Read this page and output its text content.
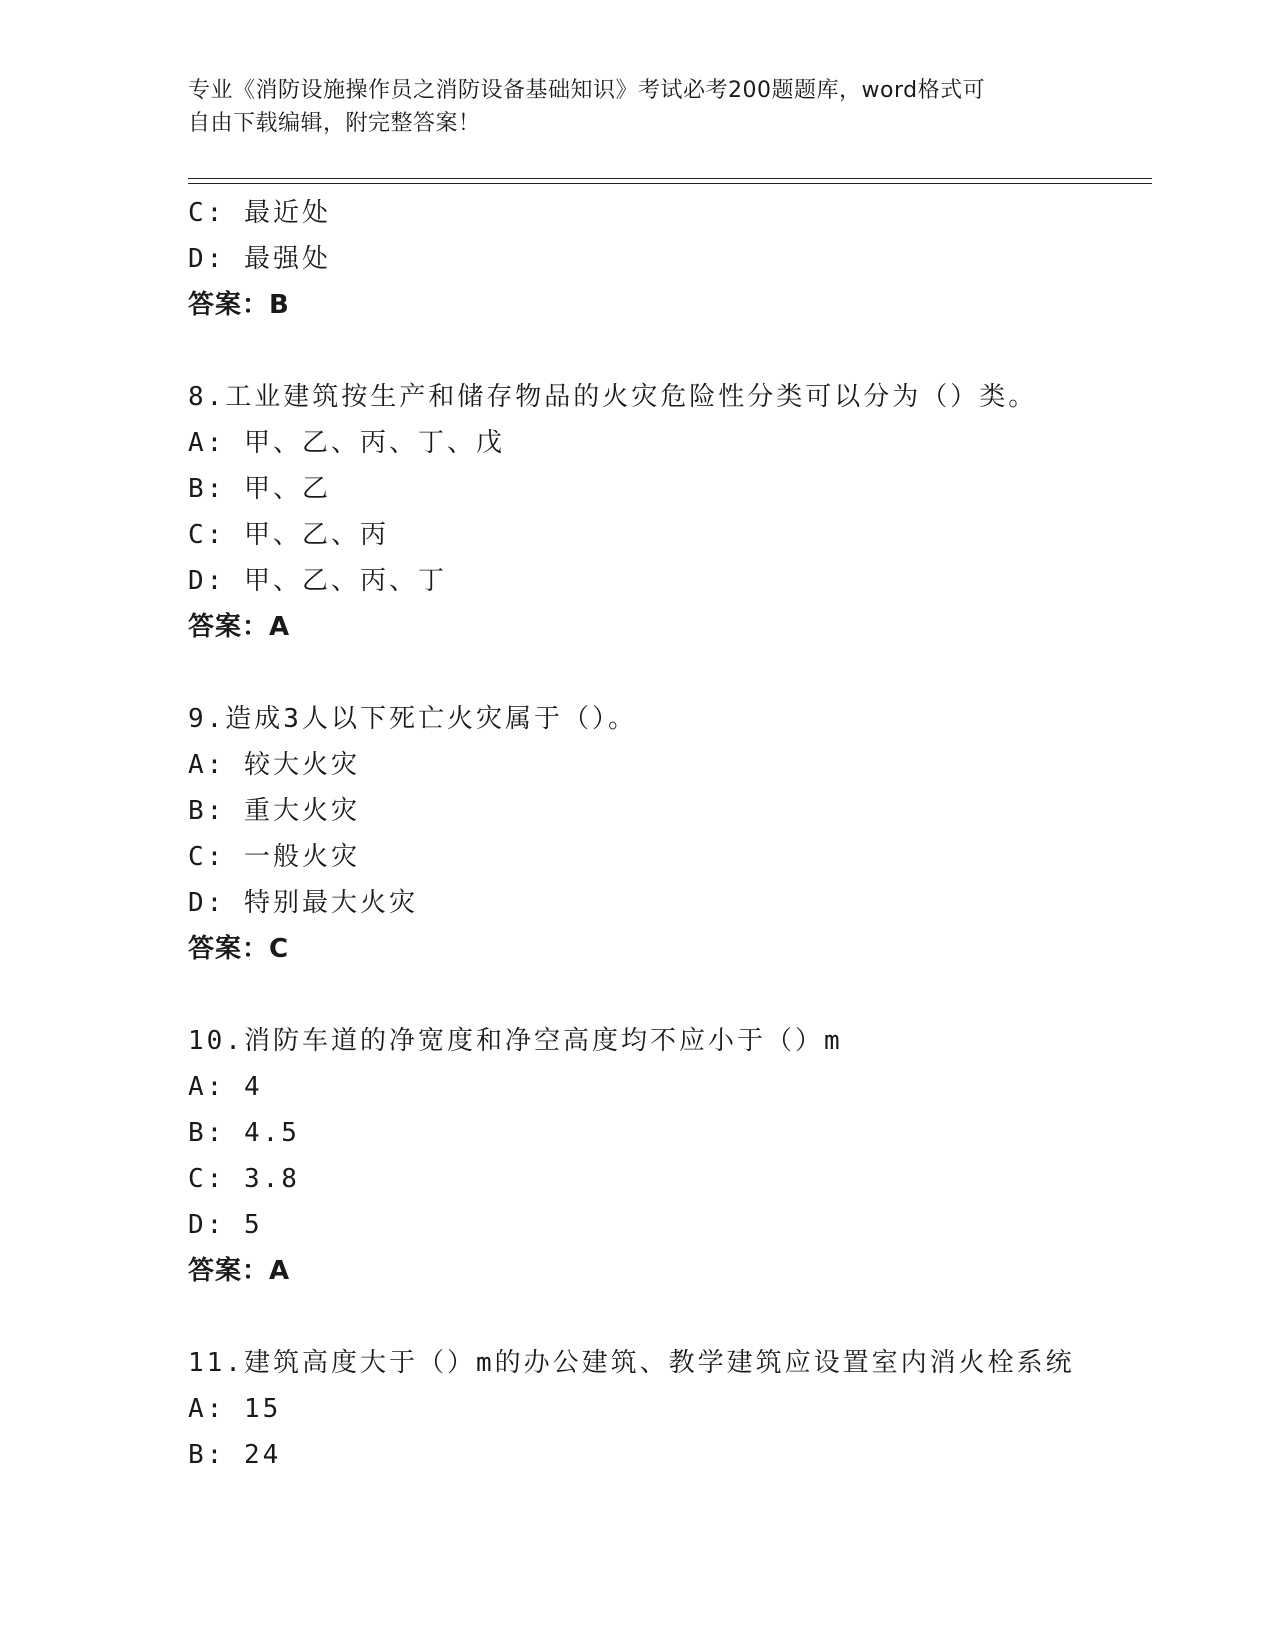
专业《消防设施操作员之消防设备基础知识》考试必考200题题库，word格式可
自由下载编辑，附完整答案！
C: 最近处
D: 最强处
答案：B
8.工业建筑按生产和储存物品的火灾危险性分类可以分为（）类。
A: 甲、乙、丙、丁、戊
B: 甲、乙
C: 甲、乙、丙
D: 甲、乙、丙、丁
答案：A
9.造成3人以下死亡火灾属于（）。
A: 较大火灾
B: 重大火灾
C: 一般火灾
D: 特别最大火灾
答案：C
10.消防车道的净宽度和净空高度均不应小于（）m
A: 4
B: 4.5
C: 3.8
D: 5
答案：A
11.建筑高度大于（）m的办公建筑、教学建筑应设置室内消火栓系统
A: 15
B: 24
